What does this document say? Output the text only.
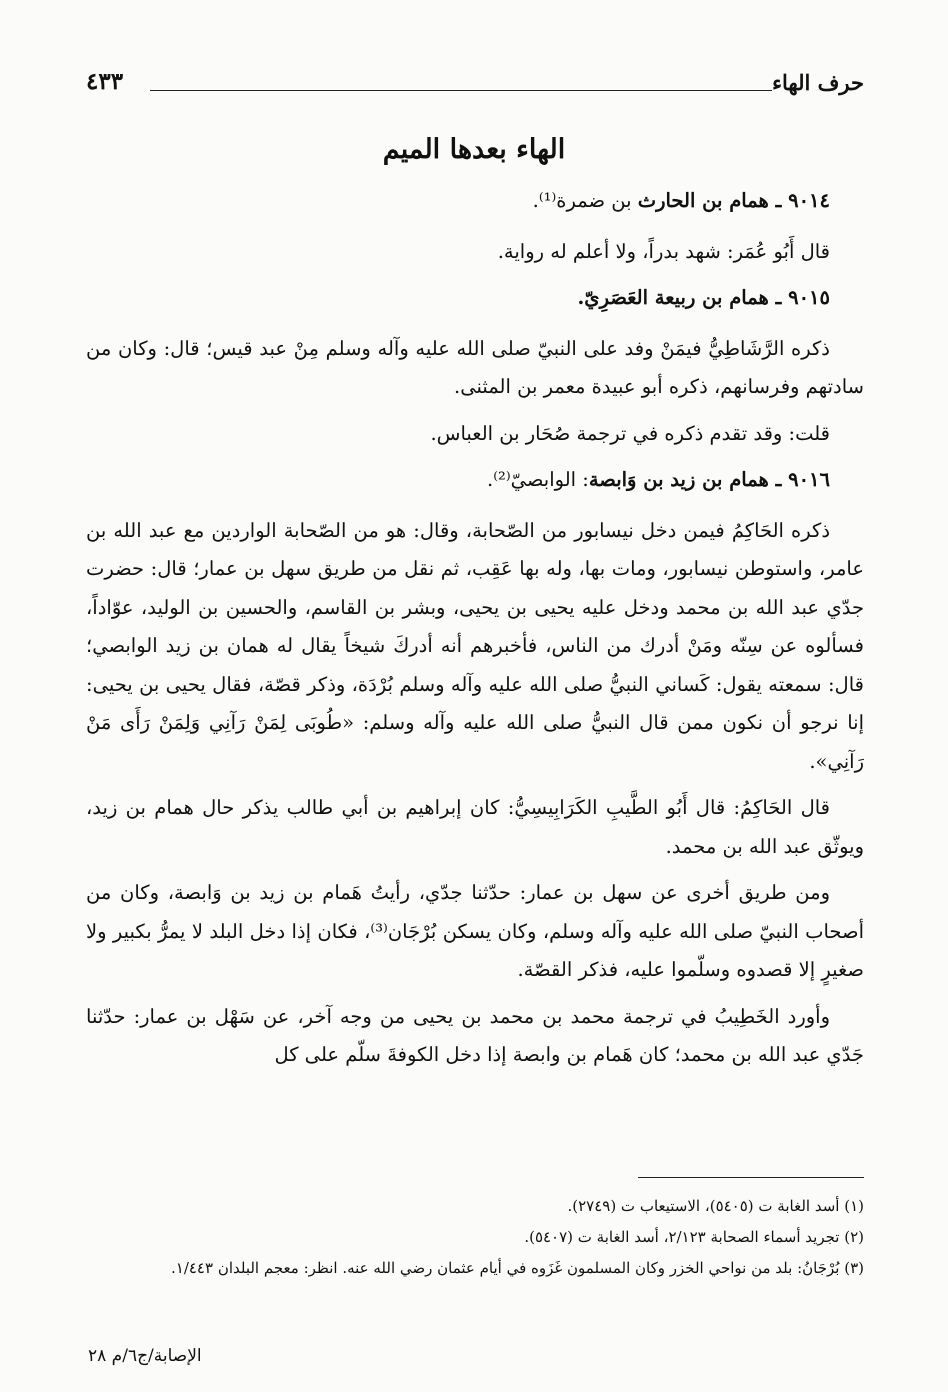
حرف الهاء
٤٣٣
الهاء بعدها الميم

٩٠١٤ ـ همام بن الحارث بن ضمرة⁽¹⁾.

قال أَبُو عُمَر: شهد بدراً، ولا أعلم له رواية.

٩٠١٥ ـ همام بن ربيعة العَصَرِيّ.

ذكره الرَّشَاطِيُّ فيمَنْ وفد على النبيّ صلى الله عليه وآله وسلم مِنْ عبد قيس؛ قال: وكان من سادتهم وفرسانهم، ذكره أبو عبيدة معمر بن المثنى.

قلت: وقد تقدم ذكره في ترجمة صُحَار بن العباس.

٩٠١٦ ـ همام بن زيد بن وَابصة: الوابصيّ⁽²⁾.

ذكره الحَاكِمُ فيمن دخل نيسابور من الصّحابة، وقال: هو من الصّحابة الواردين مع عبد الله بن عامر، واستوطن نيسابور، ومات بها، وله بها عَقِب، ثم نقل من طريق سهل بن عمار؛ قال: حضرت جدّي عبد الله بن محمد ودخل عليه يحيى بن يحيى، وبشر بن القاسم، والحسين بن الوليد، عوّاداً، فسألوه عن سِنّه ومَنْ أدرك من الناس، فأخبرهم أنه أدركَ شيخاً يقال له همان بن زيد الوابصي؛ قال: سمعته يقول: كَساني النبيُّ صلى الله عليه وآله وسلم بُرْدَة، وذكر قصّة، فقال يحيى بن يحيى: إنا نرجو أن نكون ممن قال النبيُّ صلى الله عليه وآله وسلم: «طُوبَى لِمَنْ رَآنِي وَلِمَنْ رَأَى مَنْ رَآنِي».

قال الحَاكِمُ: قال أَبُو الطَّيبِ الكَرَابِيسِيُّ: كان إبراهيم بن أبي طالب يذكر حال همام بن زيد، ويوثّق عبد الله بن محمد.

ومن طريق أخرى عن سهل بن عمار: حدّثنا جدّي، رأيتُ هَمام بن زيد بن وَابصة، وكان من أصحاب النبيّ صلى الله عليه وآله وسلم، وكان يسكن بُرْجَان⁽³⁾، فكان إذا دخل البلد لا يمرُّ بكبير ولا صغيرٍ إلا قصدوه وسلّموا عليه، فذكر القصّة.

وأورد الخَطِيبُ في ترجمة محمد بن محمد بن يحيى من وجه آخر، عن سَهْل بن عمار: حدّثنا جَدّي عبد الله بن محمد؛ كان هَمام بن وابصة إذا دخل الكوفةَ سلّم على كل

(١) أسد الغابة ت (٥٤٠٥)، الاستيعاب ت (٢٧٤٩).

(٢) تجريد أسماء الصحابة ٢/١٢٣، أسد الغابة ت (٥٤٠٧).

(٣) بُرْجَانُ: بلد من نواحي الخزر وكان المسلمون غَزَوه في أيام عثمان رضي الله عنه. انظر: معجم البلدان ١/٤٤٣.

الإصابة/ج٦/م ٢٨
